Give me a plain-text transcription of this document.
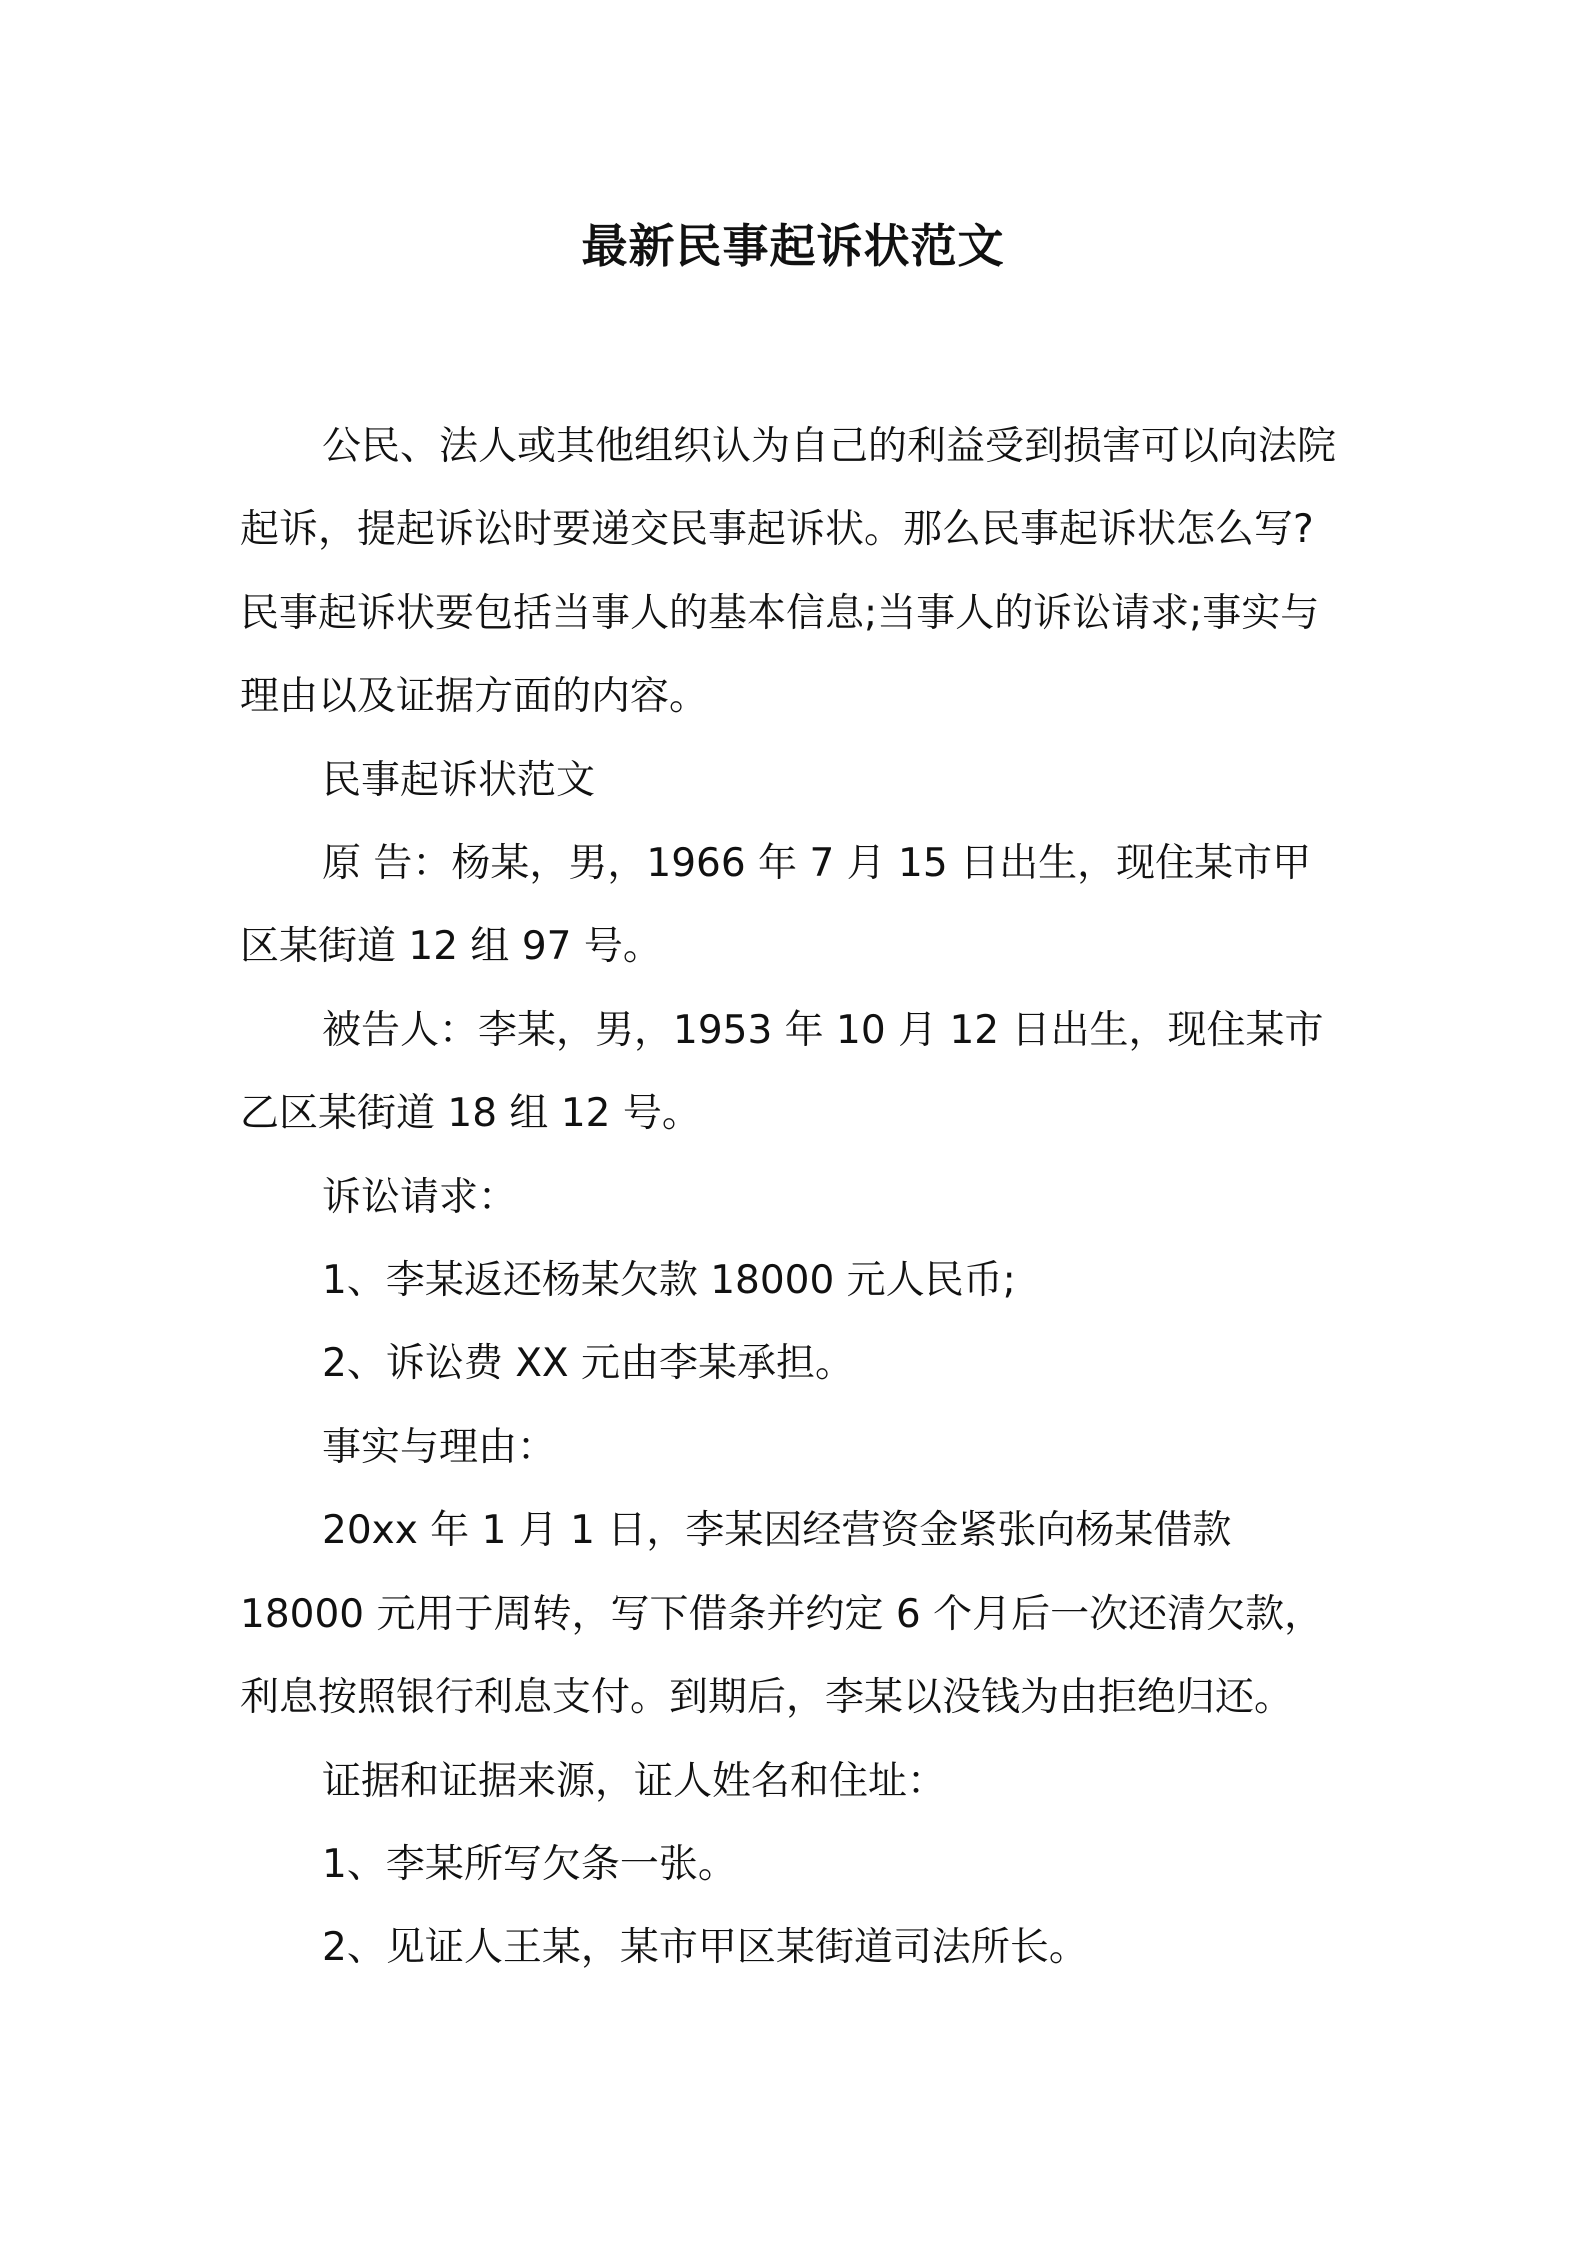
最新民事起诉状范文

公民、法人或其他组织认为自己的利益受到损害可以向法院起诉，提起诉讼时要递交民事起诉状。那么民事起诉状怎么写?民事起诉状要包括当事人的基本信息;当事人的诉讼请求;事实与理由以及证据方面的内容。

民事起诉状范文

原 告：杨某，男，1966 年 7 月 15 日出生，现住某市甲区某街道 12 组 97 号。

被告人：李某，男，1953 年 10 月 12 日出生，现住某市乙区某街道 18 组 12 号。

诉讼请求：

1、李某返还杨某欠款 18000 元人民币;

2、诉讼费 XX 元由李某承担。

事实与理由：

20xx 年 1 月 1 日，李某因经营资金紧张向杨某借款 18000 元用于周转，写下借条并约定 6 个月后一次还清欠款，利息按照银行利息支付。到期后，李某以没钱为由拒绝归还。

证据和证据来源，证人姓名和住址：

1、李某所写欠条一张。

2、见证人王某，某市甲区某街道司法所长。
